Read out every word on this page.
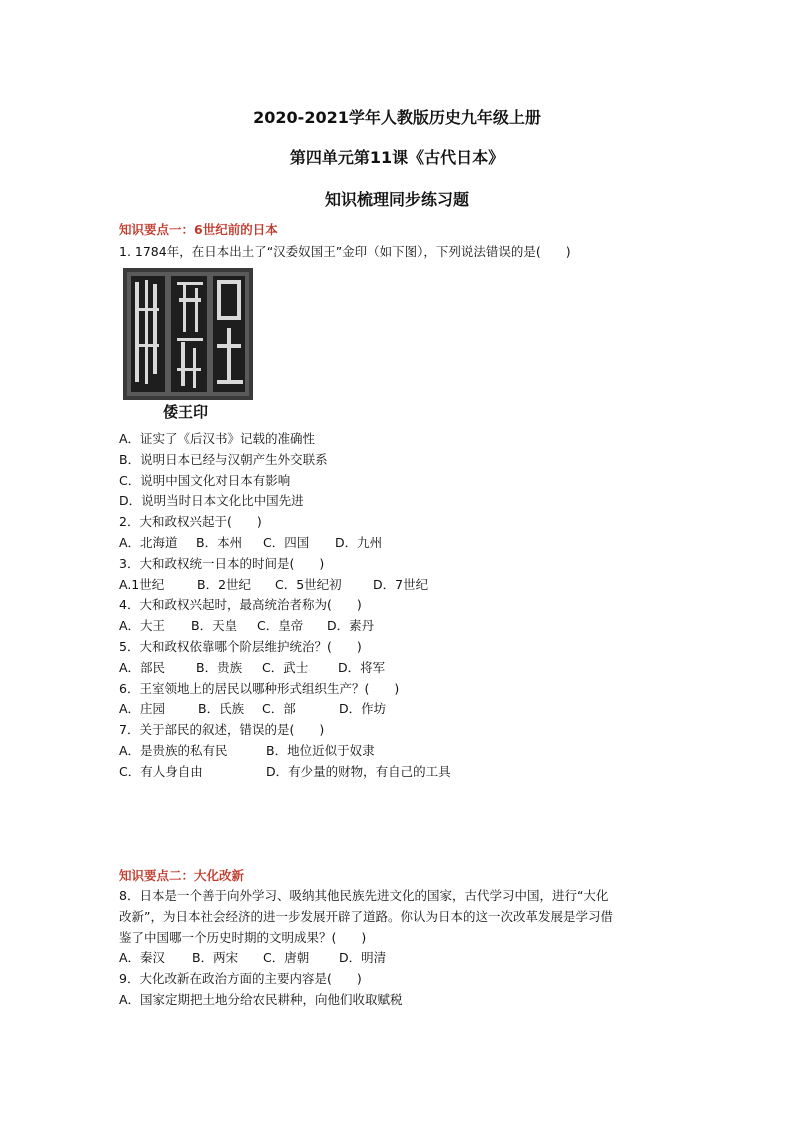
2020-2021学年人教版历史九年级上册
第四单元第11课《古代日本》
知识梳理同步练习题
知识要点一：6世纪前的日本
1. 1784年，在日本出土了“汉委奴国王”金印（如下图），下列说法错误的是(　　)
倭王印
A．证实了《后汉书》记载的准确性
B．说明日本已经与汉朝产生外交联系
C．说明中国文化对日本有影响
D．说明当时日本文化比中国先进
2．大和政权兴起于(　　)
A．北海道 B．本州 C．四国 D．九州
3．大和政权统一日本的时间是(　　)
A.1世纪	B．2世纪 C．5世纪初	D．7世纪
4．大和政权兴起时，最高统治者称为(　　)
A．大王 B．天皇 C．皇帝 D．素丹
5．大和政权依靠哪个阶层维护统治？(　　)
A．部民 B．贵族 C．武士 D．将军
6．王室领地上的居民以哪种形式组织生产？(　　)
A．庄园	B．氏族 C．部	D．作坊
7．关于部民的叙述，错误的是(　　)
A．是贵族的私有民	B．地位近似于奴隶
C．有人身自由	D．有少量的财物，有自己的工具
知识要点二：大化改新
8．日本是一个善于向外学习、吸纳其他民族先进文化的国家，古代学习中国，进行“大化
改新”，为日本社会经济的进一步发展开辟了道路。你认为日本的这一次改革发展是学习借
鉴了中国哪一个历史时期的文明成果？(　　)
A．秦汉 B．两宋 C．唐朝 D．明清
9．大化改新在政治方面的主要内容是(　　)
A．国家定期把土地分给农民耕种，向他们收取赋税
